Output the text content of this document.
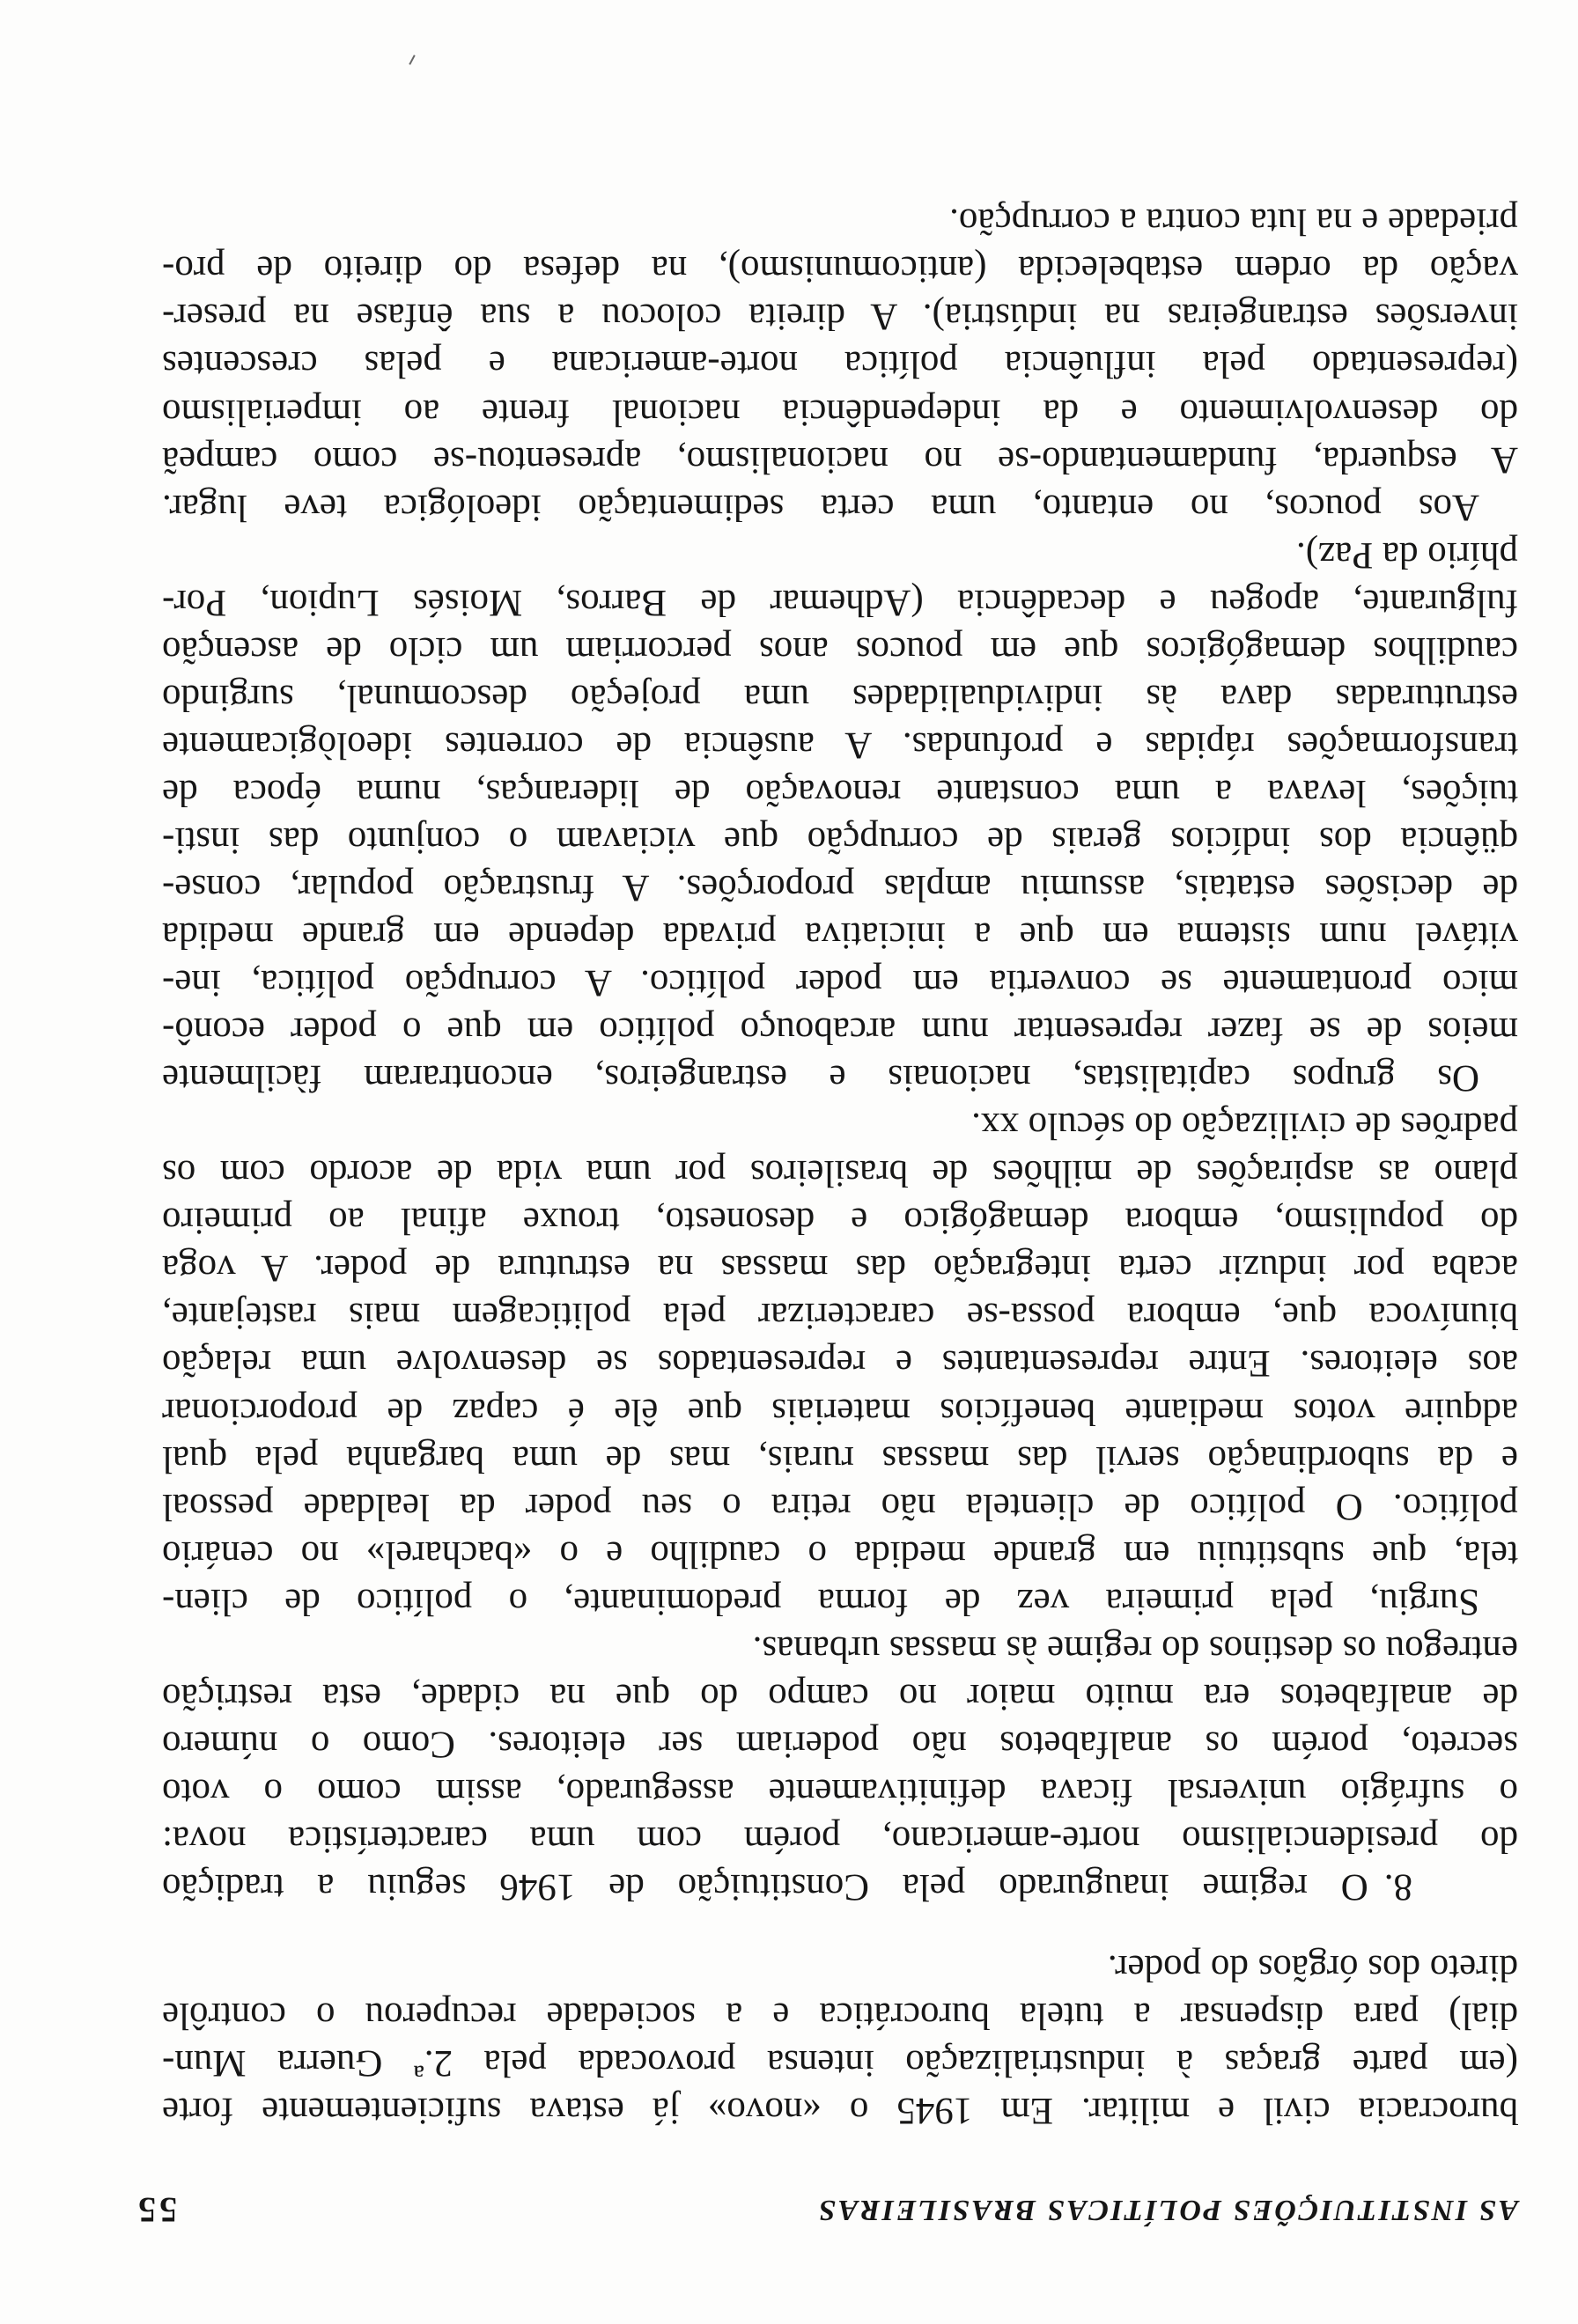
AS INSTITUIÇÕES POLÍTICAS BRASILEIRAS
55
burocracia civil e militar. Em 1945 o «novo» já estava suficientemente forte
(em parte graças à industrialização intensa provocada pela 2.ª Guerra Mun-
dial) para dispensar a tutela burocrática e a sociedade recuperou o contrôle
direto dos órgãos do poder.
8.O regime inaugurado pela Constituição de 1946 seguiu a tradição
do presidencialismo norte-americano, porém com uma característica nova:
o sufrágio universal ficava definitivamente assegurado, assim como o voto
secreto, porém os analfabetos não poderiam ser eleitores. Como o número
de analfabetos era muito maior no campo do que na cidade, esta restrição
entregou os destinos do regime às massas urbanas.
Surgiu, pela primeira vez de forma predominante, o político de clien-
tela, que substituiu em grande medida o caudilho e o «bacharel» no cenário
político. O político de clientela não retira o seu poder da lealdade pessoal
e da subordinação servil das massas rurais, mas de uma barganha pela qual
adquire votos mediante benefícios materiais que êle é capaz de proporcionar
aos eleitores. Entre representantes e representados se desenvolve uma relação
biunívoca que, embora possa-se caracterizar pela politicagem mais rastejante,
acaba por induzir certa integração das massas na estrutura de poder. A voga
do populismo, embora demagógico e desonesto, trouxe afinal ao primeiro
plano as aspirações de milhões de brasileiros por uma vida de acordo com os
padrões de civilização do século xx.
Os grupos capitalistas, nacionais e estrangeiros, encontraram fàcilmente
meios de se fazer representar num arcabouço político em que o poder econô-
mico prontamente se convertia em poder político. A corrupção política, ine-
vitável num sistema em que a iniciativa privada depende em grande medida
de decisões estatais, assumiu amplas proporções. A frustração popular, conse-
qüência dos indícios gerais de corrupção que viciavam o conjunto das insti-
tuições, levava a uma constante renovação de lideranças, numa época de
transformações rápidas e profundas. A ausência de correntes ideològicamente
estruturadas dava às individualidades uma projeção descomunal, surgindo
caudilhos demagógicos que em poucos anos percorriam um ciclo de ascenção
fulgurante, apogeu e decadência (Adhemar de Barros, Moisés Lupion, Por-
phírio da Paz).
Aos poucos, no entanto, uma certa sedimentação ideológica teve lugar.
A esquerda, fundamentando-se no nacionalismo, apresentou-se como campeã
do desenvolvimento e da independência nacional frente ao imperialismo
(representado pela influência política norte-americana e pelas crescentes
inversões estrangeiras na indústria). A direita colocou a sua ênfase na preser-
vação da ordem estabelecida (anticomunismo), na defesa do direito de pro-
priedade e na luta contra a corrupção.
